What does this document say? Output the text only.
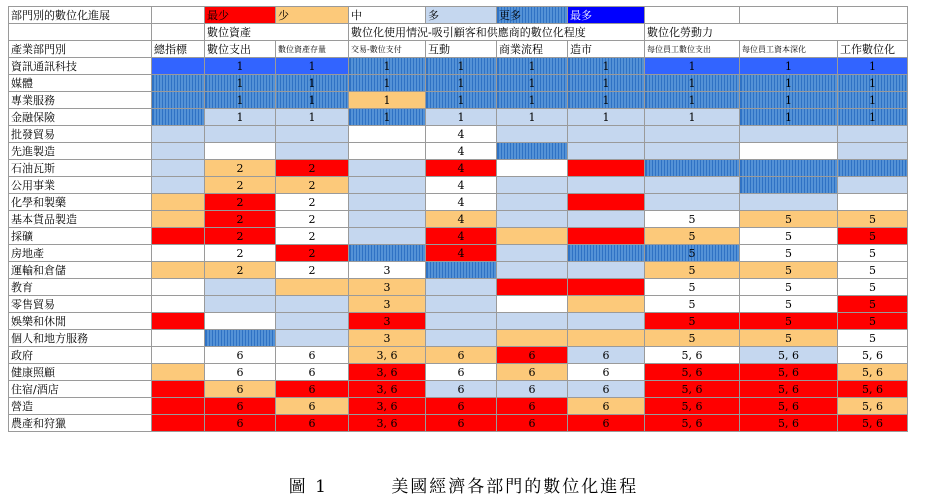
部門別的數位化進展		最少	少	中	多	更多	最多			
		數位資產		數位化使用情況-吸引顧客和供應商的數位化程度				數位化勞動力		
產業部門別	總指標	數位支出	數位資產存量	交易-數位支付	互動	商業流程	造市	每位員工數位支出	每位員工資本深化	工作數位化
資訊通訊科技		1	1	1	1	1	1	1	1	1
媒體		1	1	1	1	1	1	1	1	1
專業服務		1	1	1	1	1	1	1	1	1
金融保險		1	1	1	1	1	1	1	1	1
批發貿易					4					
先進製造					4					
石油瓦斯		2	2		4					
公用事業		2	2		4					
化學和製藥		2	2		4					
基本貨品製造		2	2		4			5	5	5
採礦		2	2		4			5	5	5
房地產		2	2		4			5	5	5
運輸和倉儲		2	2	3				5	5	5
教育				3				5	5	5
零售貿易				3				5	5	5
娛樂和休閒				3				5	5	5
個人和地方服務				3				5	5	5
政府		6	6	3, 6	6	6	6	5, 6	5, 6	5, 6
健康照顧		6	6	3, 6	6	6	6	5, 6	5, 6	5, 6
住宿/酒店		6	6	3, 6	6	6	6	5, 6	5, 6	5, 6
營造		6	6	3, 6	6	6	6	5, 6	5, 6	5, 6
農產和狩獵		6	6	3, 6	6	6	6	5, 6	5, 6	5, 6
圖 1	美國經濟各部門的數位化進程
